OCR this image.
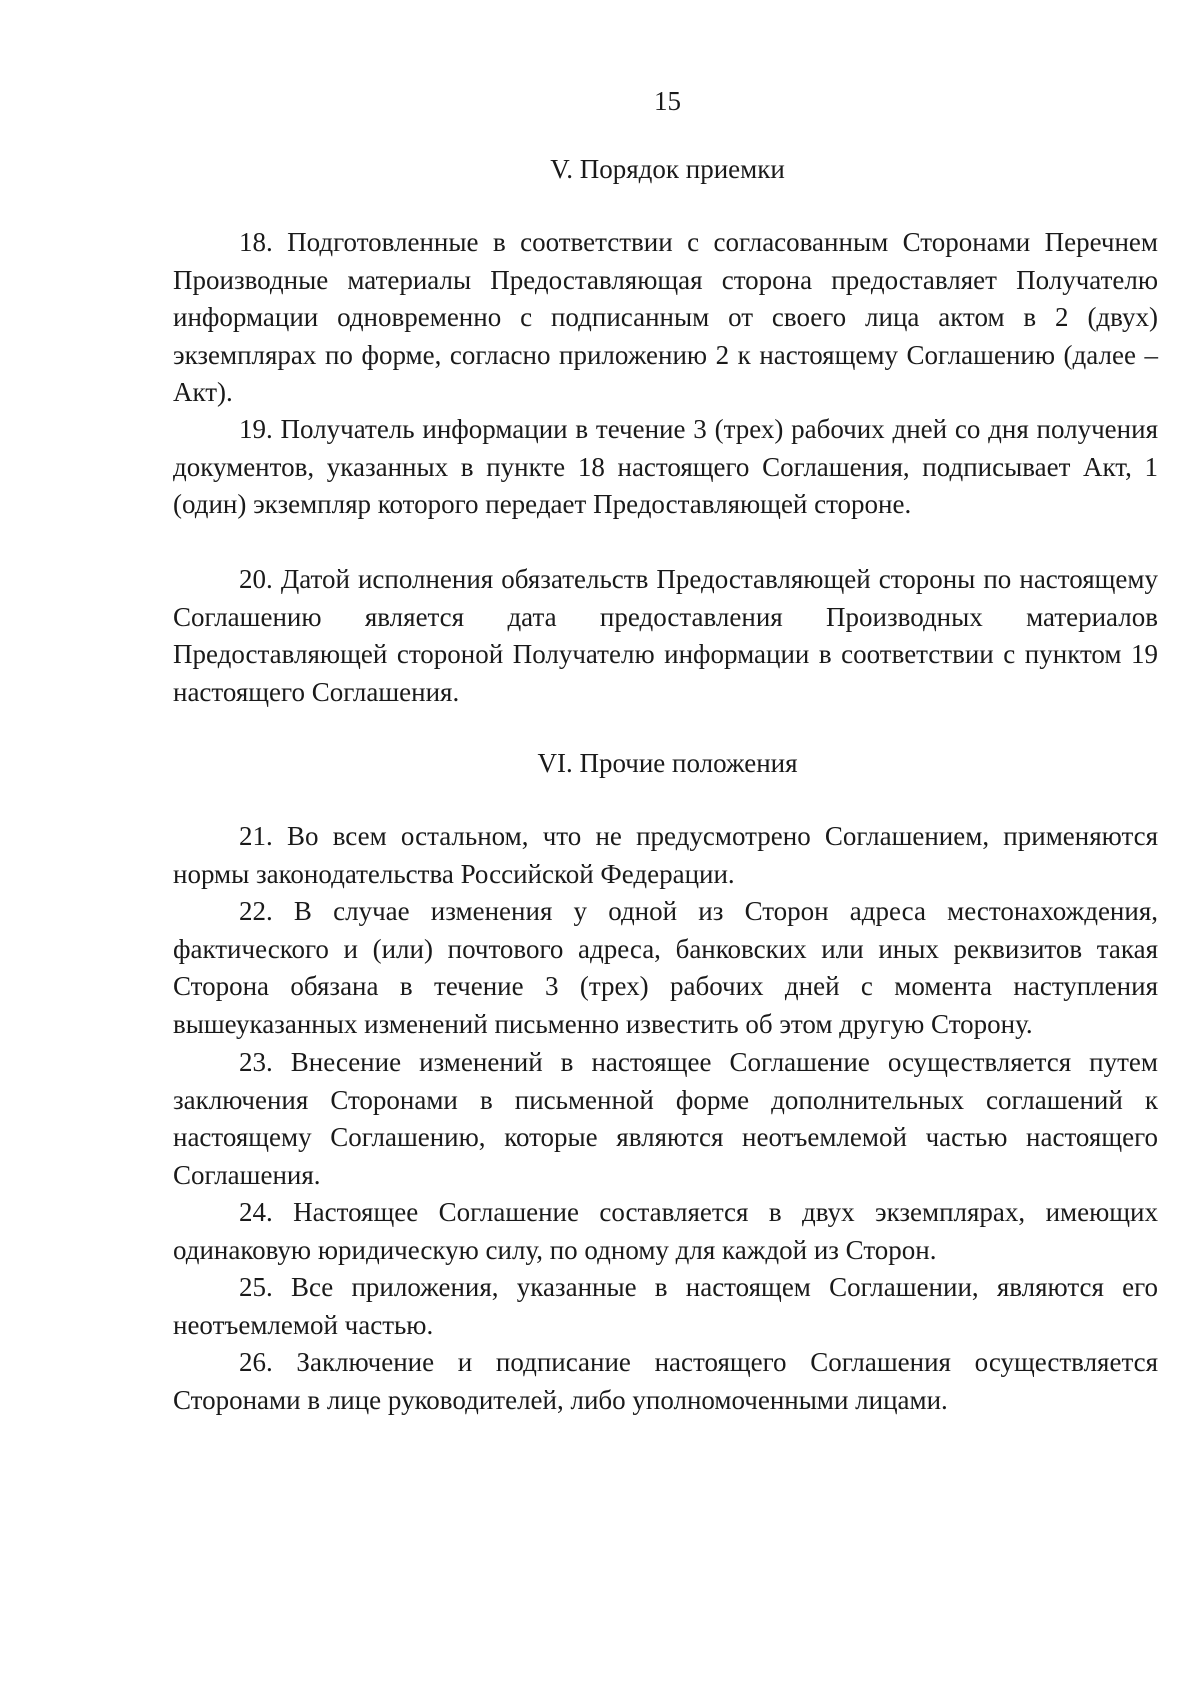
15
V. Порядок приемки

18. Подготовленные в соответствии с согласованным Сторонами Перечнем Производные материалы Предоставляющая сторона предоставляет Получателю информации одновременно с подписанным от своего лица актом в 2 (двух) экземплярах по форме, согласно приложению 2 к настоящему Соглашению (далее – Акт).

19. Получатель информации в течение 3 (трех) рабочих дней со дня получения документов, указанных в пункте 18 настоящего Соглашения, подписывает Акт, 1 (один) экземпляр которого передает Предоставляющей стороне.

20. Датой исполнения обязательств Предоставляющей стороны по настоящему Соглашению является дата предоставления Производных материалов Предоставляющей стороной Получателю информации в соответствии с пунктом 19 настоящего Соглашения.

VI. Прочие положения

21. Во всем остальном, что не предусмотрено Соглашением, применяются нормы законодательства Российской Федерации.

22. В случае изменения у одной из Сторон адреса местонахождения, фактического и (или) почтового адреса, банковских или иных реквизитов такая Сторона обязана в течение 3 (трех) рабочих дней с момента наступления вышеуказанных изменений письменно известить об этом другую Сторону.

23. Внесение изменений в настоящее Соглашение осуществляется путем заключения Сторонами в письменной форме дополнительных соглашений к настоящему Соглашению, которые являются неотъемлемой частью настоящего Соглашения.

24. Настоящее Соглашение составляется в двух экземплярах, имеющих одинаковую юридическую силу, по одному для каждой из Сторон.

25. Все приложения, указанные в настоящем Соглашении, являются его неотъемлемой частью.

26. Заключение и подписание настоящего Соглашения осуществляется Сторонами в лице руководителей, либо уполномоченными лицами.
